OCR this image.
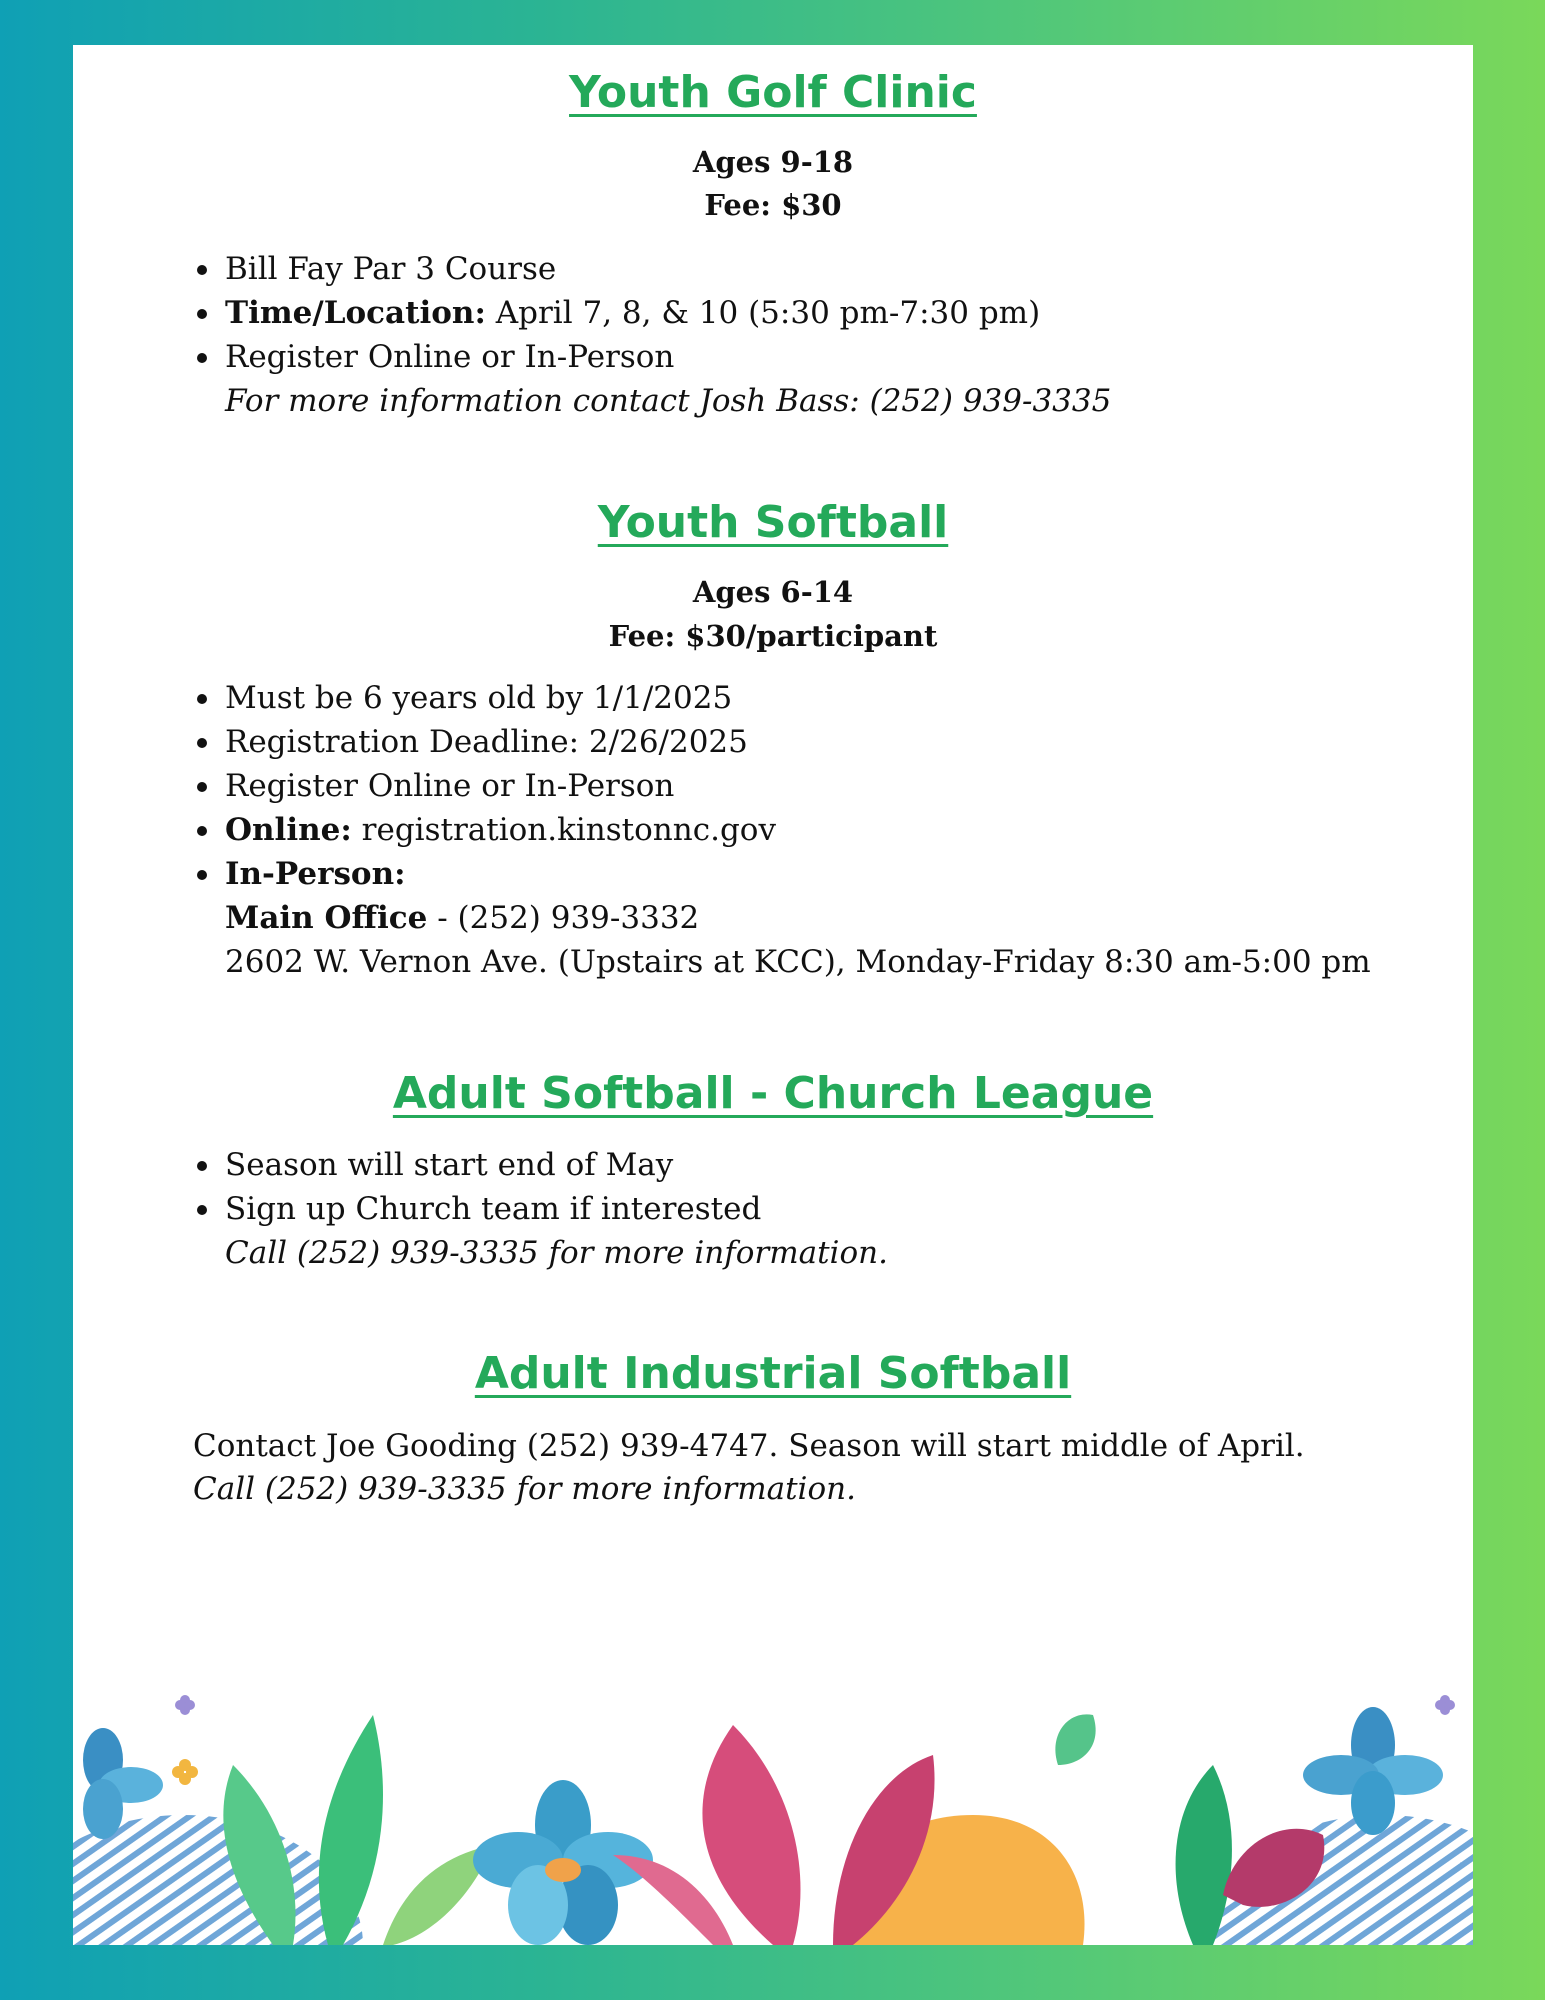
Youth Golf Clinic

Ages 9-18

Fee: $30

Bill Fay Par 3 Course
Time/Location: April 7, 8, & 10 (5:30 pm-7:30 pm)
Register Online or In-Person
For more information contact Josh Bass: (252) 939-3335
Youth Softball

Ages 6-14

Fee: $30/participant

Must be 6 years old by 1/1/2025
Registration Deadline: 2/26/2025
Register Online or In-Person
Online: registration.kinstonnc.gov
In-Person:
Main Office - (252) 939-3332
2602 W. Vernon Ave. (Upstairs at KCC), Monday-Friday 8:30 am-5:00 pm
Adult Softball - Church League
Season will start end of May
Sign up Church team if interested
Call (252) 939-3335 for more information.
Adult Industrial Softball

Contact Joe Gooding (252) 939-4747. Season will start middle of April.

Call (252) 939-3335 for more information.
